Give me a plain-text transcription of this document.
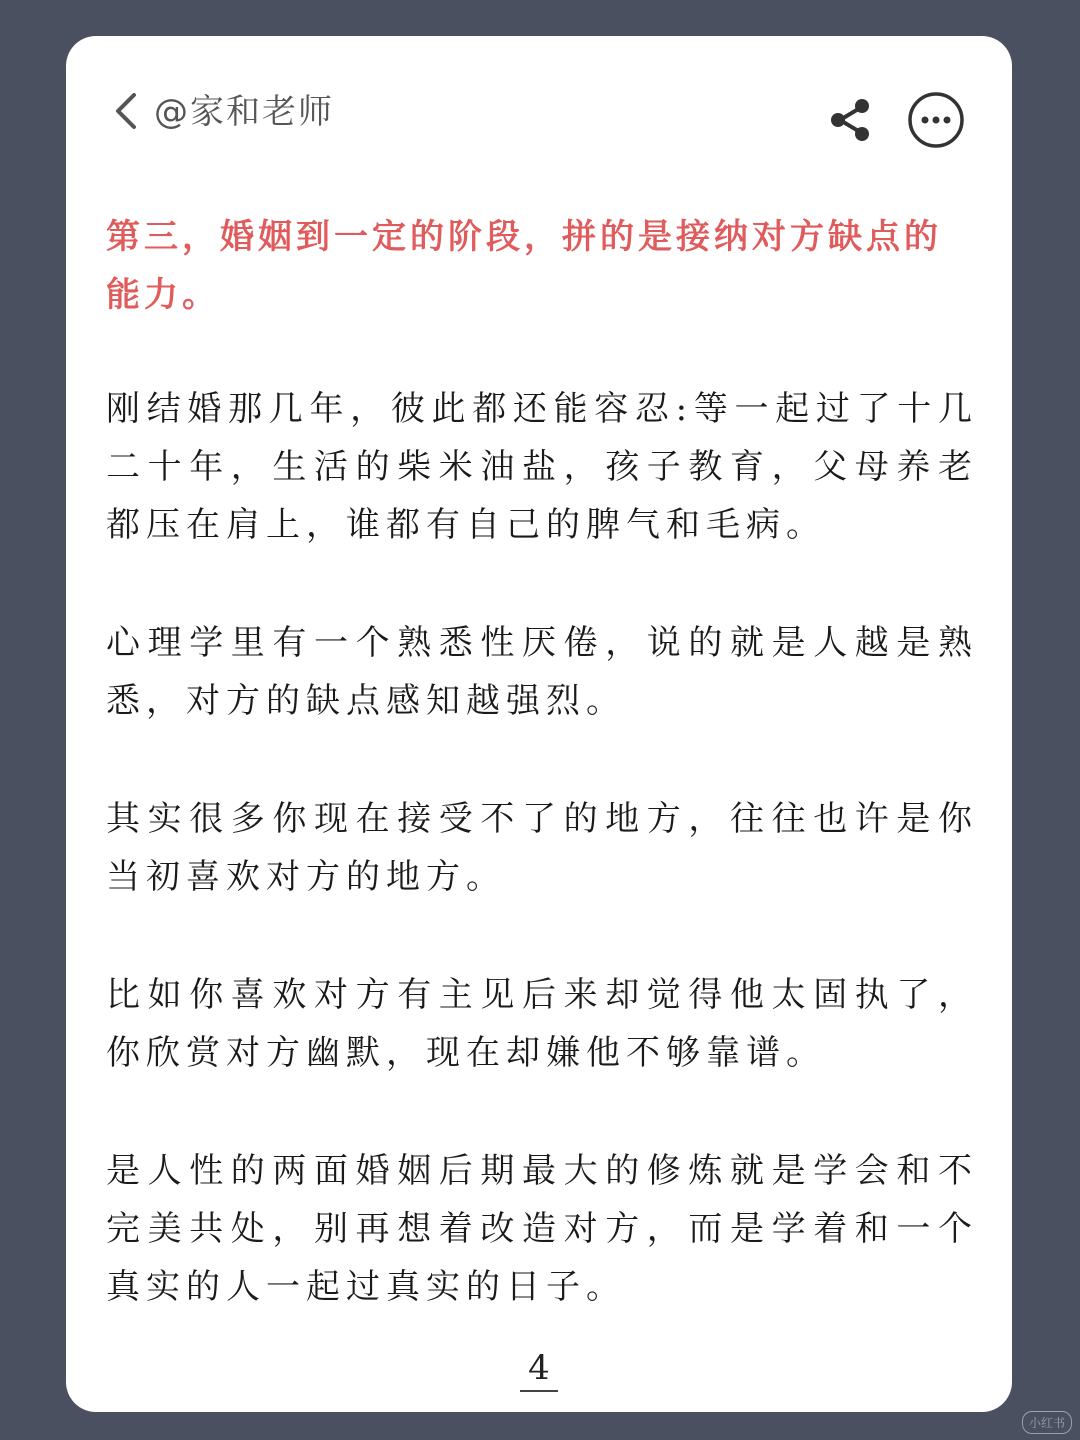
@家和老师
第三，婚姻到一定的阶段，拼的是接纳对方缺点的能力。

刚结婚那几年，彼此都还能容忍:等一起过了十几二十年，生活的柴米油盐，孩子教育，父母养老都压在肩上，谁都有自己的脾气和毛病。

心理学里有一个熟悉性厌倦，说的就是人越是熟悉，对方的缺点感知越强烈。

其实很多你现在接受不了的地方，往往也许是你当初喜欢对方的地方。

比如你喜欢对方有主见后来却觉得他太固执了，你欣赏对方幽默，现在却嫌他不够靠谱。

是人性的两面婚姻后期最大的修炼就是学会和不完美共处，别再想着改造对方，而是学着和一个真实的人一起过真实的日子。

4
小红书
